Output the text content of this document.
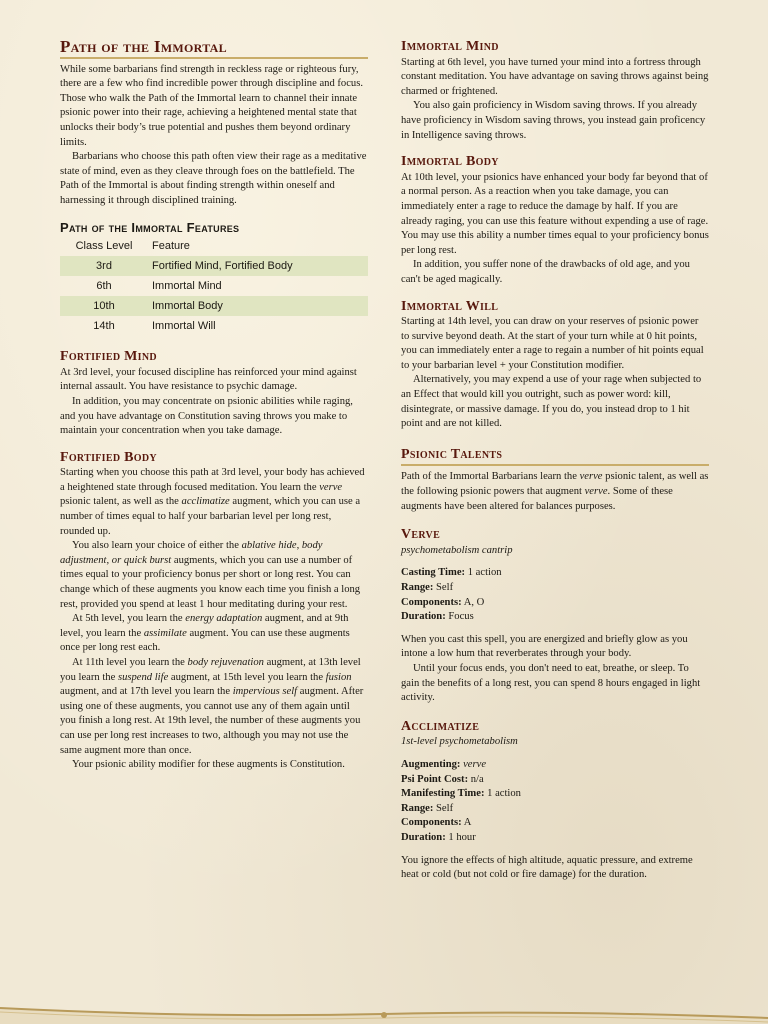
Path of the Immortal

While some barbarians find strength in reckless rage or righteous fury, there are a few who find incredible power through discipline and focus. Those who walk the Path of the Immortal learn to channel their innate psionic power into their rage, achieving a heightened mental state that unlocks their body’s true potential and pushes them beyond ordinary limits.

Barbarians who choose this path often view their rage as a meditative state of mind, even as they cleave through foes on the battlefield. The Path of the Immortal is about finding strength within oneself and harnessing it through disciplined training.

Path of the Immortal Features
Class Level	Feature
3rd	Fortified Mind, Fortified Body
6th	Immortal Mind
10th	Immortal Body
14th	Immortal Will
Fortified Mind

At 3rd level, your focused discipline has reinforced your mind against internal assault. You have resistance to psychic damage.

In addition, you may concentrate on psionic abilities while raging, and you have advantage on Constitution saving throws you make to maintain your concentration when you take damage.

Fortified Body

Starting when you choose this path at 3rd level, your body has achieved a heightened state through focused meditation. You learn the verve psionic talent, as well as the acclimatize augment, which you can use a number of times equal to half your barbarian level per long rest, rounded up.

You also learn your choice of either the ablative hide, body adjustment, or quick burst augments, which you can use a number of times equal to your proficiency bonus per short or long rest. You can change which of these augments you know each time you finish a long rest, provided you spend at least 1 hour meditating during your rest.

At 5th level, you learn the energy adaptation augment, and at 9th level, you learn the assimilate augment. You can use these augments once per long rest each.

At 11th level you learn the body rejuvenation augment, at 13th level you learn the suspend life augment, at 15th level you learn the fusion augment, and at 17th level you learn the impervious self augment. After using one of these augments, you cannot use any of them again until you finish a long rest. At 19th level, the number of these augments you can use per long rest increases to two, although you may not use the same augment more than once.

Your psionic ability modifier for these augments is Constitution.

Immortal Mind

Starting at 6th level, you have turned your mind into a fortress through constant meditation. You have advantage on saving throws against being charmed or frightened.

You also gain proficiency in Wisdom saving throws. If you already have proficiency in Wisdom saving throws, you instead gain proficency in Intelligence saving throws.

Immortal Body

At 10th level, your psionics have enhanced your body far beyond that of a normal person. As a reaction when you take damage, you can immediately enter a rage to reduce the damage by half. If you are already raging, you can use this feature without expending a use of rage. You may use this ability a number times equal to your proficiency bonus per long rest.

In addition, you suffer none of the drawbacks of old age, and you can't be aged magically.

Immortal Will

Starting at 14th level, you can draw on your reserves of psionic power to survive beyond death. At the start of your turn while at 0 hit points, you can immediately enter a rage to regain a number of hit points equal to your barbarian level + your Constitution modifier.

Alternatively, you may expend a use of your rage when subjected to an Effect that would kill you outright, such as power word: kill, disintegrate, or massive damage. If you do, you instead drop to 1 hit point and are not killed.

Psionic Talents

Path of the Immortal Barbarians learn the verve psionic talent, as well as the following psionic powers that augment verve. Some of these augments have been altered for balances purposes.

Verve

psychometabolism cantrip

Casting Time: 1 action

Range: Self

Components: A, O

Duration: Focus

When you cast this spell, you are energized and briefly glow as you intone a low hum that reverberates through your body.

Until your focus ends, you don't need to eat, breathe, or sleep. To gain the benefits of a long rest, you can spend 8 hours engaged in light activity.

Acclimatize

1st-level psychometabolism

Augmenting: verve

Psi Point Cost: n/a

Manifesting Time: 1 action

Range: Self

Components: A

Duration: 1 hour

You ignore the effects of high altitude, aquatic pressure, and extreme heat or cold (but not cold or fire damage) for the duration.
